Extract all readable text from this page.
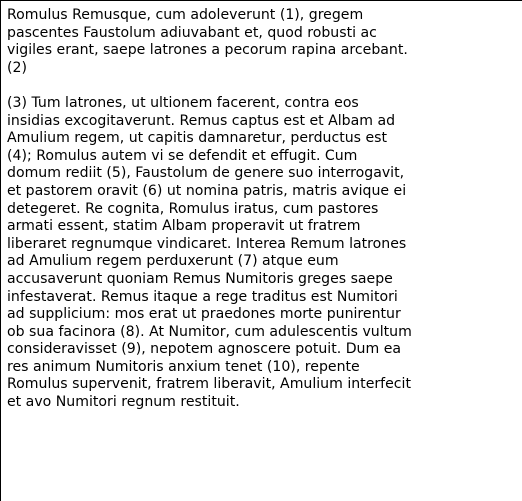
Romulus Remusque, cum adoleverunt (1), gregem
pascentes Faustolum adiuvabant et, quod robusti ac
vigiles erant, saepe latrones a pecorum rapina arcebant.
(2)
(3) Tum latrones, ut ultionem facerent, contra eos
insidias excogitaverunt. Remus captus est et Albam ad
Amulium regem, ut capitis damnaretur, perductus est
(4); Romulus autem vi se defendit et effugit. Cum
domum rediit (5), Faustolum de genere suo interrogavit,
et pastorem oravit (6) ut nomina patris, matris avique ei
detegeret. Re cognita, Romulus iratus, cum pastores
armati essent, statim Albam properavit ut fratrem
liberaret regnumque vindicaret. Interea Remum latrones
ad Amulium regem perduxerunt (7) atque eum
accusaverunt quoniam Remus Numitoris greges saepe
infestaverat. Remus itaque a rege traditus est Numitori
ad supplicium: mos erat ut praedones morte punirentur
ob sua facinora (8). At Numitor, cum adulescentis vultum
consideravisset (9), nepotem agnoscere potuit. Dum ea
res animum Numitoris anxium tenet (10), repente
Romulus supervenit, fratrem liberavit, Amulium interfecit
et avo Numitori regnum restituit.
